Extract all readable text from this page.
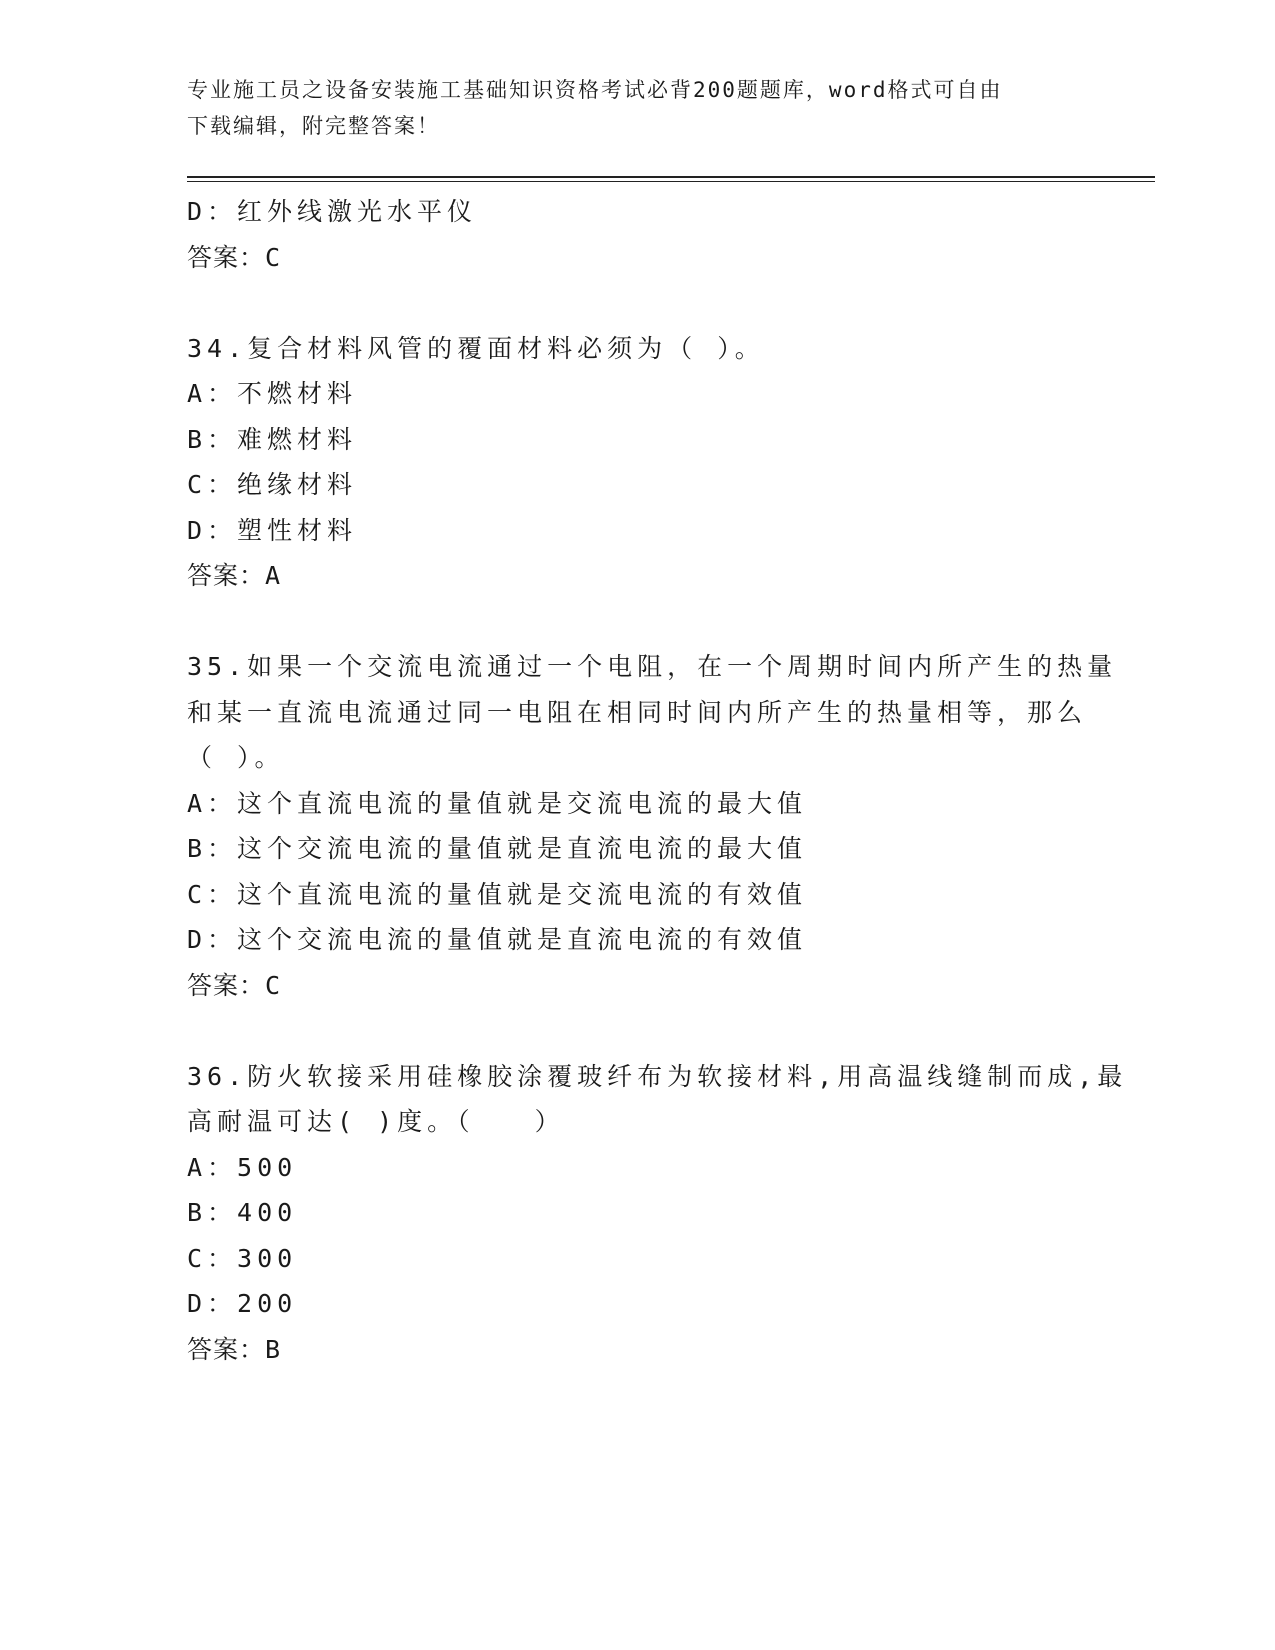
专业施工员之设备安装施工基础知识资格考试必背200题题库，word格式可自由
下载编辑，附完整答案！
D：红外线激光水平仪
答案：C
34.复合材料风管的覆面材料必须为（ ）。
A：不燃材料
B：难燃材料
C：绝缘材料
D：塑性材料
答案：A
35.如果一个交流电流通过一个电阻，在一个周期时间内所产生的热量
和某一直流电流通过同一电阻在相同时间内所产生的热量相等，那么
（ ）。
A：这个直流电流的量值就是交流电流的最大值
B：这个交流电流的量值就是直流电流的最大值
C：这个直流电流的量值就是交流电流的有效值
D：这个交流电流的量值就是直流电流的有效值
答案：C
36.防火软接采用硅橡胶涂覆玻纤布为软接材料,用高温线缝制而成,最
高耐温可达( )度。（　　）
A：500
B：400
C：300
D：200
答案：B
